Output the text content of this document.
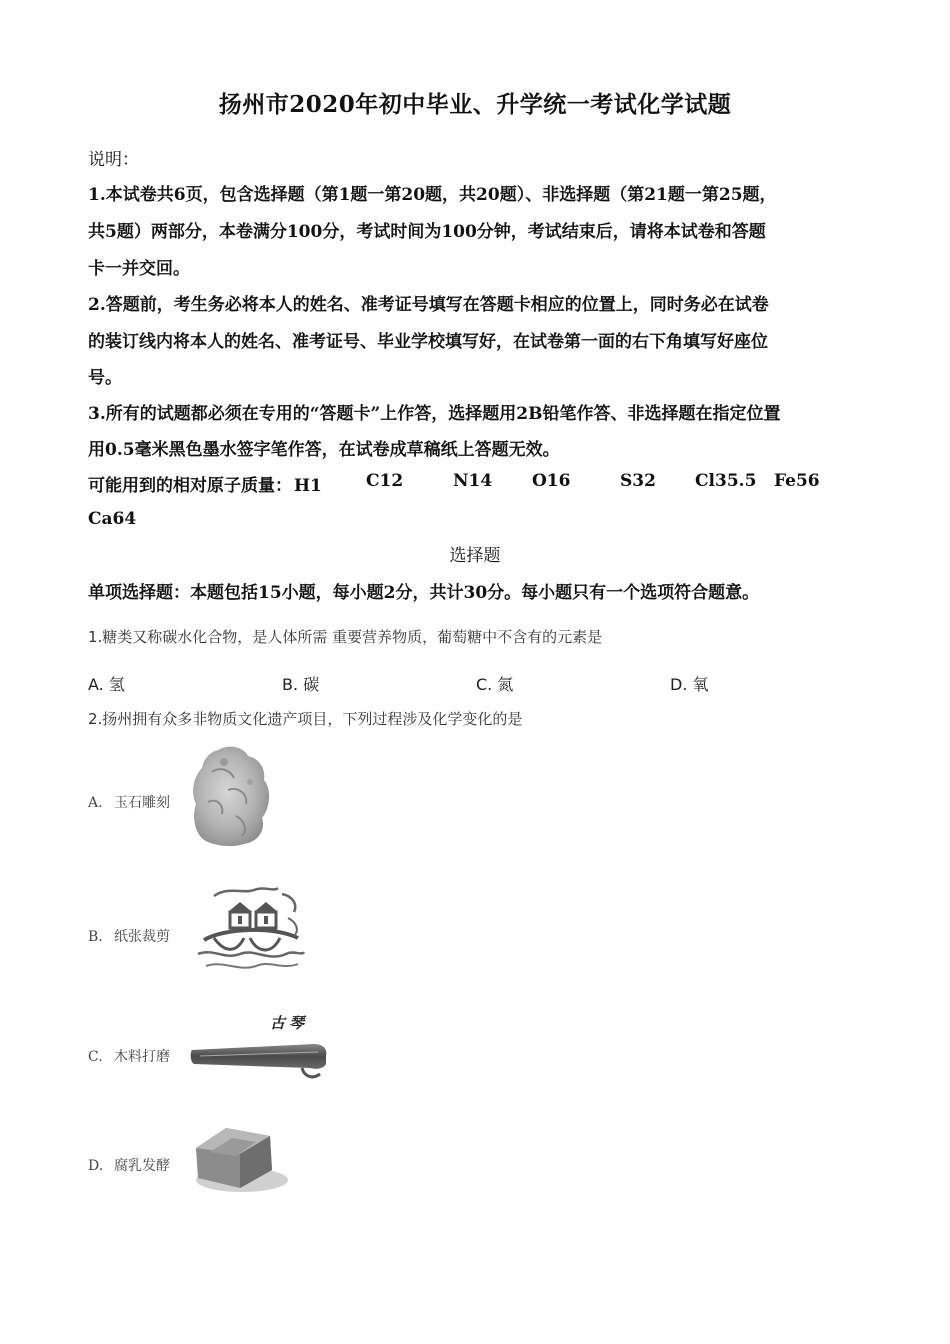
扬州市2020年初中毕业、升学统一考试化学试题
说明：
1.本试卷共6页，包含选择题（第1题一第20题，共20题）、非选择题（第21题一第25题，
共5题）两部分，本卷满分100分，考试时间为100分钟，考试结束后，请将本试卷和答题
卡一并交回。
2.答题前，考生务必将本人的姓名、准考证号填写在答题卡相应的位置上，同时务必在试卷
的装订线内将本人的姓名、准考证号、毕业学校填写好，在试卷第一面的右下角填写好座位
号。
3.所有的试题都必须在专用的“答题卡”上作答，选择题用2B铅笔作答、非选择题在指定位置
用0.5毫米黑色墨水签字笔作答，在试卷成草稿纸上答题无效。
可能用到的相对原子质量： H1	C12	N14 O16	S32 Cl35.5 Fe56
Ca64
选择题
单项选择题：本题包括15小题，每小题2分，共计30分。每小题只有一个选项符合题意。
1.糖类又称碳水化合物，是人体所需 重要营养物质，葡萄糖中不含有的元素是
A. 氢	B. 碳	C. 氮	D. 氧
2.扬州拥有众多非物质文化遗产项目，下列过程涉及化学变化的是
A. 玉石雕刻
B. 纸张裁剪
C. 木料打磨
古琴
D. 腐乳发酵
